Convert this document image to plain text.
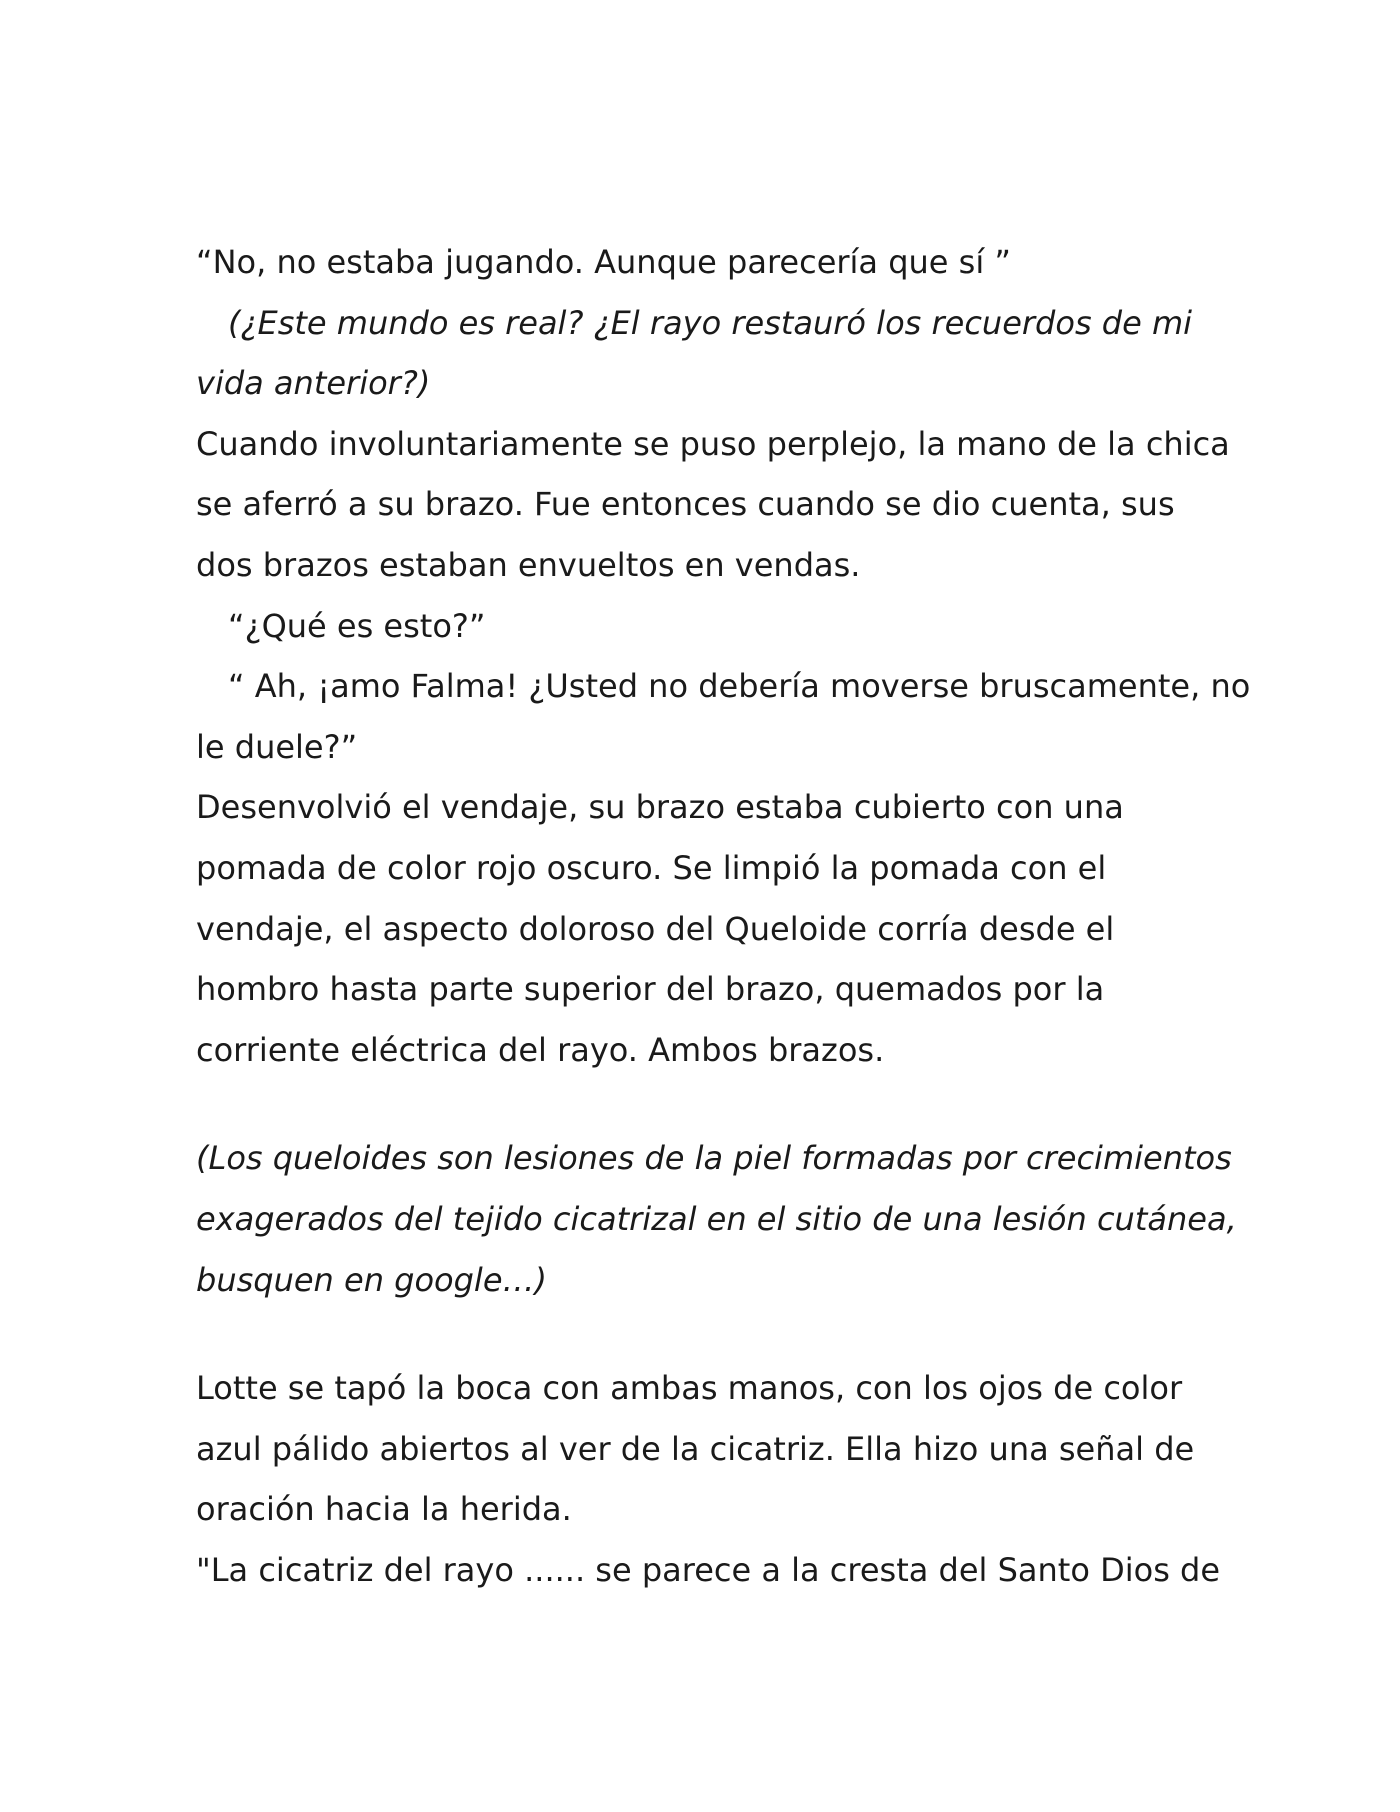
“No, no estaba jugando. Aunque parecería que sí ”
(¿Este mundo es real? ¿El rayo restauró los recuerdos de mi
vida anterior?)
Cuando involuntariamente se puso perplejo, la mano de la chica
se aferró a su brazo. Fue entonces cuando se dio cuenta, sus
dos brazos estaban envueltos en vendas.
“¿Qué es esto?”
“ Ah, ¡amo Falma! ¿Usted no debería moverse bruscamente, no
le duele?”
Desenvolvió el vendaje, su brazo estaba cubierto con una
pomada de color rojo oscuro. Se limpió la pomada con el
vendaje, el aspecto doloroso del Queloide corría desde el
hombro hasta parte superior del brazo, quemados por la
corriente eléctrica del rayo. Ambos brazos.
(Los queloides son lesiones de la piel formadas por crecimientos
exagerados del tejido cicatrizal en el sitio de una lesión cutánea,
busquen en google…)
Lotte se tapó la boca con ambas manos, con los ojos de color
azul pálido abiertos al ver de la cicatriz. Ella hizo una señal de
oración hacia la herida.
"La cicatriz del rayo ...... se parece a la cresta del Santo Dios de
